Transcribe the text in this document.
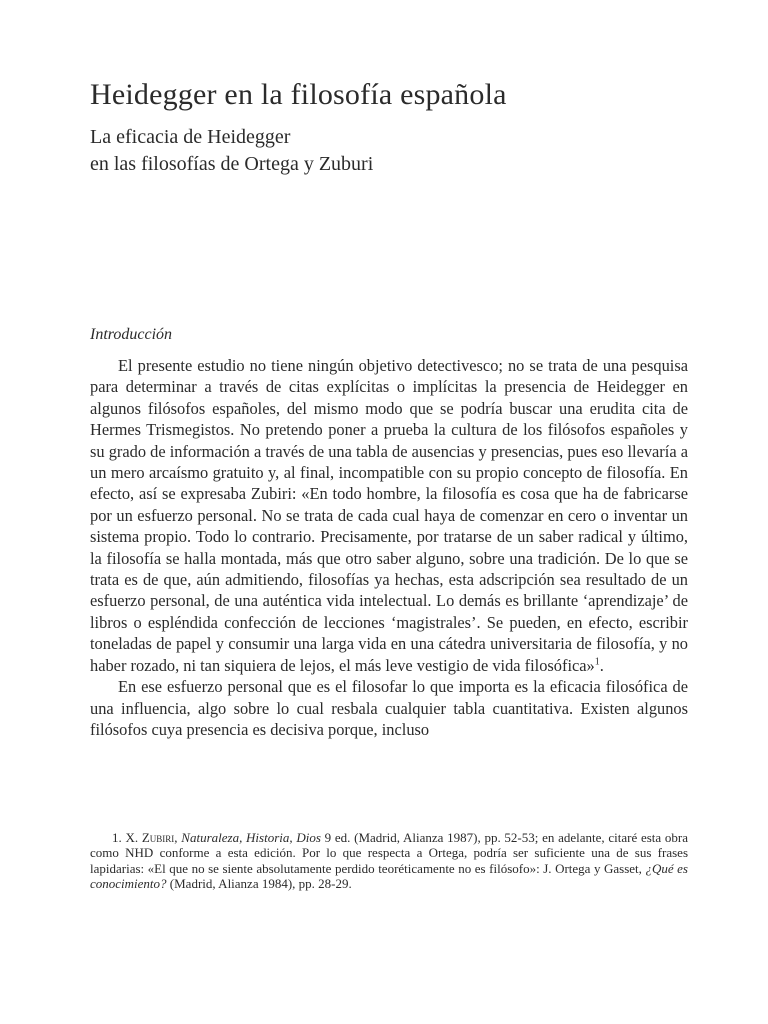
Heidegger en la filosofía española
La eficacia de Heidegger
en las filosofías de Ortega y Zuburi
Introducción

El presente estudio no tiene ningún objetivo detectivesco; no se trata de una pesquisa para determinar a través de citas explícitas o implícitas la presencia de Heidegger en algunos filósofos españoles, del mismo modo que se podría buscar una erudita cita de Hermes Trismegistos. No pretendo poner a prueba la cultura de los filósofos españoles y su grado de información a través de una tabla de ausencias y presencias, pues eso llevaría a un mero arcaísmo gratuito y, al final, incompatible con su propio concepto de filosofía. En efecto, así se expresaba Zubiri: «En todo hombre, la filosofía es cosa que ha de fabricarse por un esfuerzo personal. No se trata de cada cual haya de comenzar en cero o inventar un sistema propio. Todo lo contrario. Precisamente, por tratarse de un saber radical y último, la filosofía se halla montada, más que otro saber alguno, sobre una tradición. De lo que se trata es de que, aún admitiendo, filosofías ya hechas, esta adscripción sea resultado de un esfuerzo personal, de una auténtica vida intelectual. Lo demás es brillante ‘aprendizaje’ de libros o espléndida confección de lecciones ‘magistrales’. Se pueden, en efecto, escribir toneladas de papel y consumir una larga vida en una cátedra universitaria de filosofía, y no haber rozado, ni tan siquiera de lejos, el más leve vestigio de vida filosófica»$^1$.

En ese esfuerzo personal que es el filosofar lo que importa es la eficacia filosófica de una influencia, algo sobre lo cual resbala cualquier tabla cuantitativa. Existen algunos filósofos cuya presencia es decisiva porque, incluso

1. X. Zubiri, Naturaleza, Historia, Dios 9 ed. (Madrid, Alianza 1987), pp. 52-53; en adelante, citaré esta obra como NHD conforme a esta edición. Por lo que respecta a Ortega, podría ser suficiente una de sus frases lapidarias: «El que no se siente absolutamente perdido teoréticamente no es filósofo»: J. Ortega y Gasset, ¿Qué es conocimiento? (Madrid, Alianza 1984), pp. 28-29.
